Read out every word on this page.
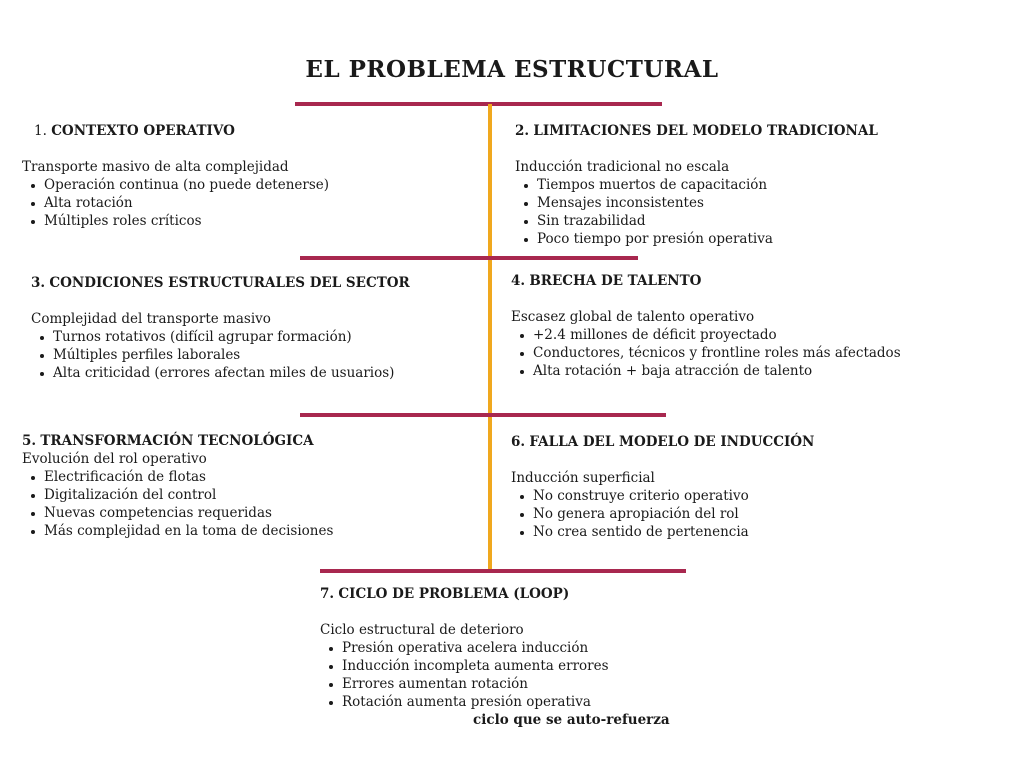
EL PROBLEMA ESTRUCTURAL

1. CONTEXTO OPERATIVO

Transporte masivo de alta complejidad

Operación continua (no puede detenerse)
Alta rotación
Múltiples roles críticos

2. LIMITACIONES DEL MODELO TRADICIONAL

Inducción tradicional no escala

Tiempos muertos de capacitación
Mensajes inconsistentes
Sin trazabilidad
Poco tiempo por presión operativa

3. CONDICIONES ESTRUCTURALES DEL SECTOR

Complejidad del transporte masivo

Turnos rotativos (difícil agrupar formación)
Múltiples perfiles laborales
Alta criticidad (errores afectan miles de usuarios)

4. BRECHA DE TALENTO

Escasez global de talento operativo

+2.4 millones de déficit proyectado
Conductores, técnicos y frontline roles más afectados
Alta rotación + baja atracción de talento

5. TRANSFORMACIÓN TECNOLÓGICA

Evolución del rol operativo

Electrificación de flotas
Digitalización del control
Nuevas competencias requeridas
Más complejidad en la toma de decisiones

6. FALLA DEL MODELO DE INDUCCIÓN

Inducción superficial

No construye criterio operativo
No genera apropiación del rol
No crea sentido de pertenencia

7. CICLO DE PROBLEMA (LOOP)

Ciclo estructural de deterioro

Presión operativa acelera inducción
Inducción incompleta aumenta errores
Errores aumentan rotación
Rotación aumenta presión operativa
ciclo que se auto-refuerza
